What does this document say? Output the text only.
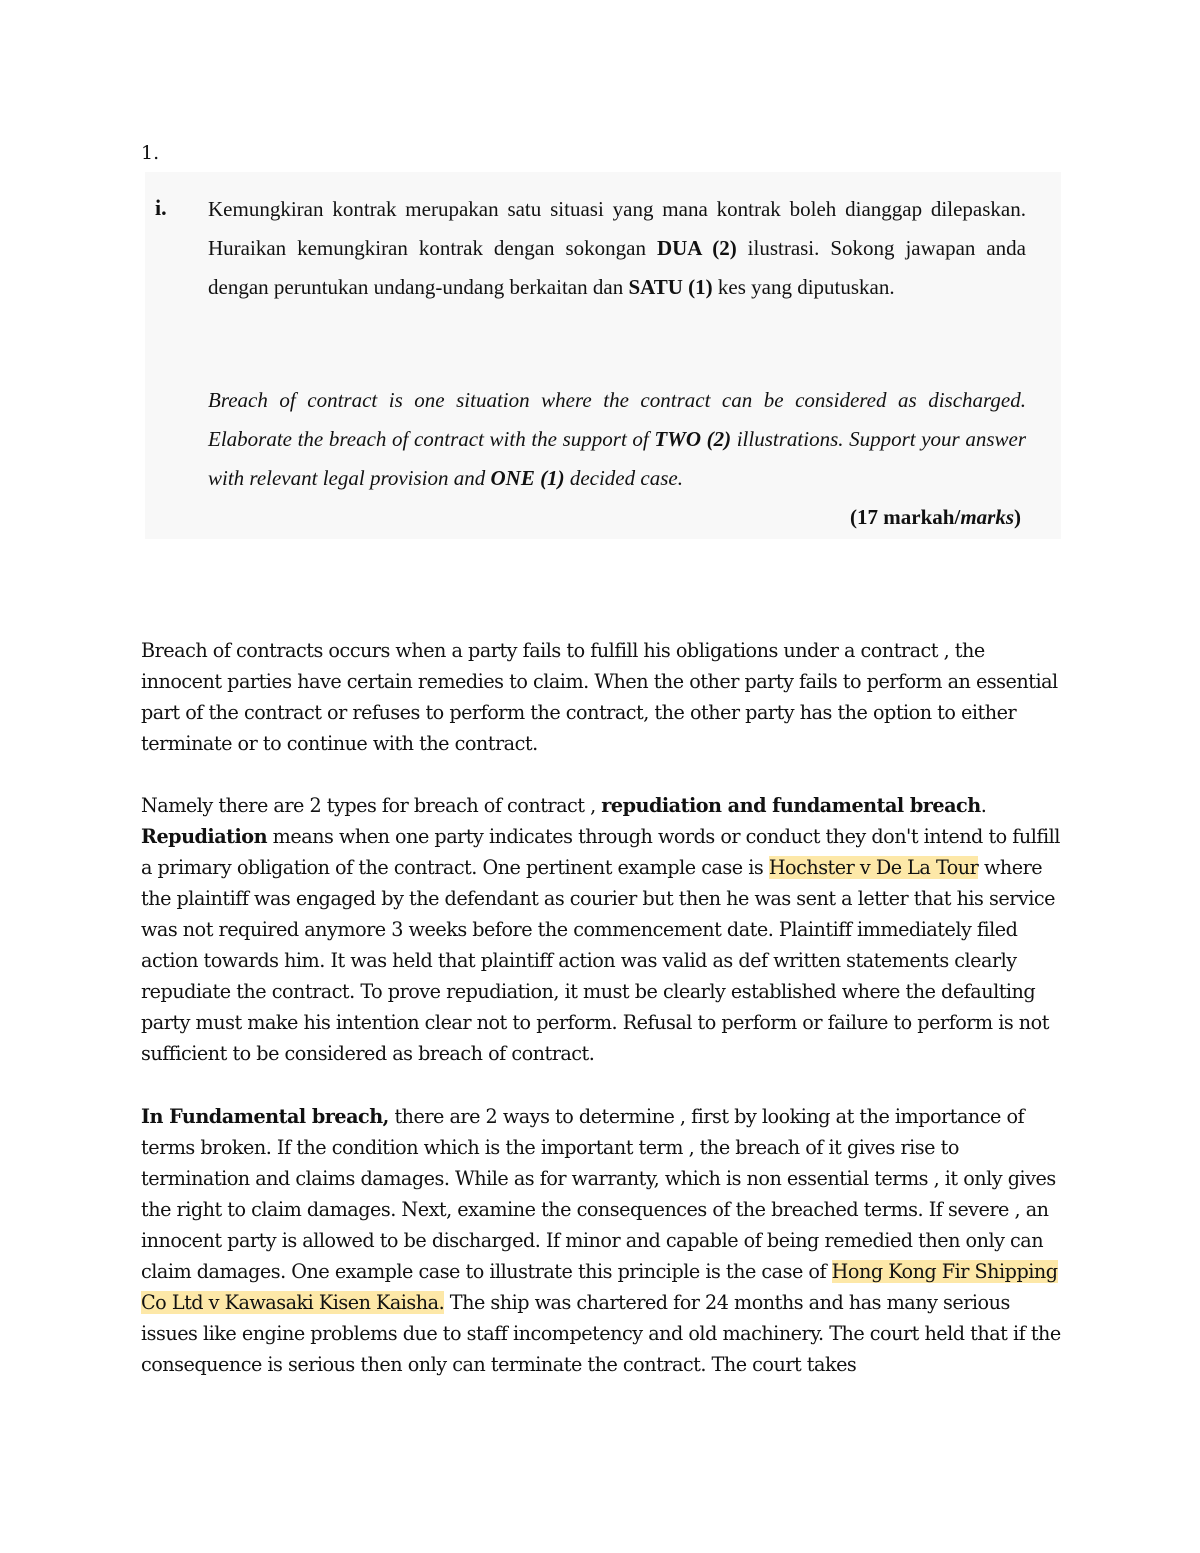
1.
i. Kemungkiran kontrak merupakan satu situasi yang mana kontrak boleh dianggap dilepaskan. Huraikan kemungkiran kontrak dengan sokongan DUA (2) ilustrasi. Sokong jawapan anda dengan peruntukan undang-undang berkaitan dan SATU (1) kes yang diputuskan.

Breach of contract is one situation where the contract can be considered as discharged. Elaborate the breach of contract with the support of TWO (2) illustrations. Support your answer with relevant legal provision and ONE (1) decided case.

(17 markah/marks)

Breach of contracts occurs when a party fails to fulfill his obligations under a contract , the innocent parties have certain remedies to claim. When the other party fails to perform an essential part of the contract or refuses to perform the contract, the other party has the option to either terminate or to continue with the contract.

Namely there are 2 types for breach of contract , repudiation and fundamental breach. Repudiation means when one party indicates through words or conduct they don't intend to fulfill a primary obligation of the contract. One pertinent example case is Hochster v De La Tour where the plaintiff was engaged by the defendant as courier but then he was sent a letter that his service was not required anymore 3 weeks before the commencement date. Plaintiff immediately filed action towards him. It was held that plaintiff action was valid as def written statements clearly repudiate the contract. To prove repudiation, it must be clearly established where the defaulting party must make his intention clear not to perform. Refusal to perform or failure to perform is not sufficient to be considered as breach of contract.

In Fundamental breach, there are 2 ways to determine , first by looking at the importance of terms broken. If the condition which is the important term , the breach of it gives rise to termination and claims damages. While as for warranty, which is non essential terms , it only gives the right to claim damages. Next, examine the consequences of the breached terms. If severe , an innocent party is allowed to be discharged. If minor and capable of being remedied then only can claim damages. One example case to illustrate this principle is the case of Hong Kong Fir Shipping Co Ltd v Kawasaki Kisen Kaisha. The ship was chartered for 24 months and has many serious issues like engine problems due to staff incompetency and old machinery. The court held that if the consequence is serious then only can terminate the contract. The court takes
